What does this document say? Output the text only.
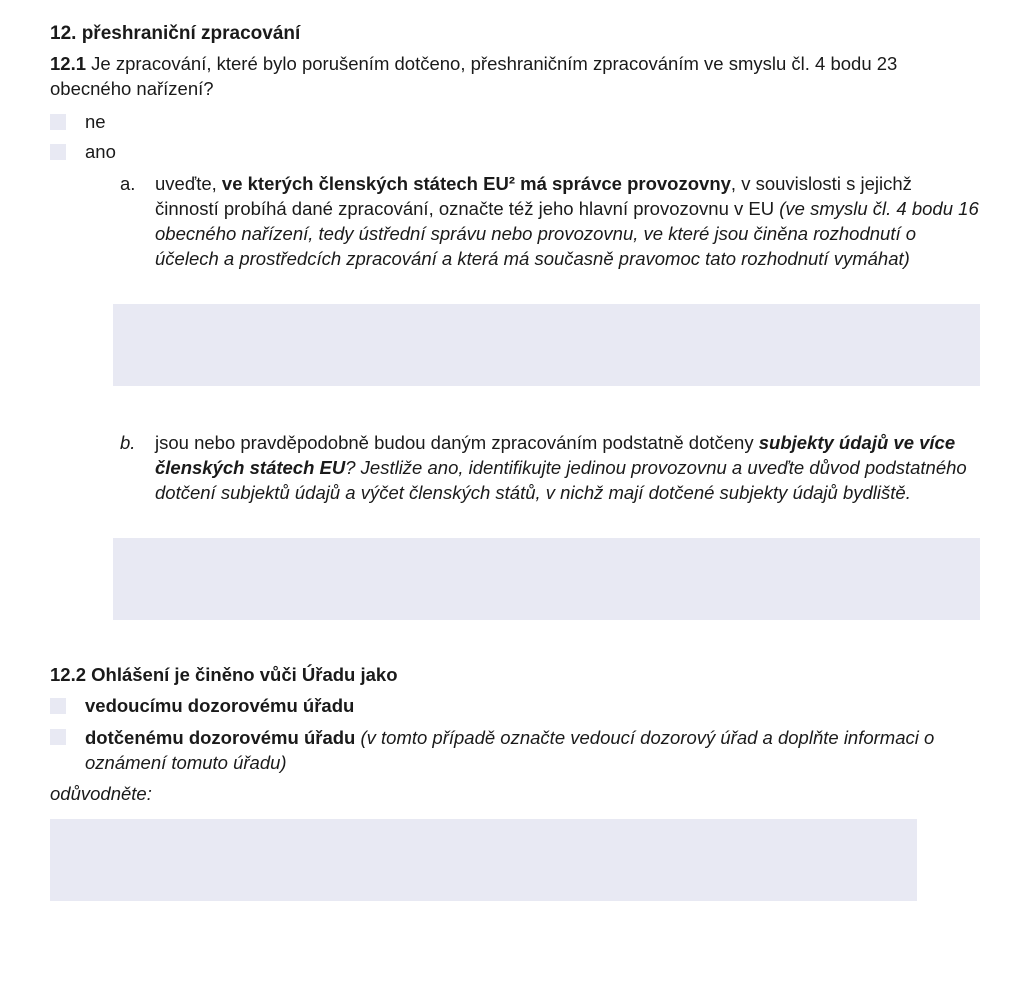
12. přeshraniční zpracování
12.1 Je zpracování, které bylo porušením dotčeno, přeshraničním zpracováním ve smyslu čl. 4 bodu 23 obecného nařízení?
ne
ano
a.	uveďte, ve kterých členských státech EU² má správce provozovny, v souvislosti s jejichž činností probíhá dané zpracování, označte též jeho hlavní provozovnu v EU (ve smyslu čl. 4 bodu 16 obecného nařízení, tedy ústřední správu nebo provozovnu, ve které jsou činěna rozhodnutí o účelech a prostředcích zpracování a která má současně pravomoc tato rozhodnutí vymáhat)
b.	jsou nebo pravděpodobně budou daným zpracováním podstatně dotčeny subjekty údajů ve více členských státech EU? Jestliže ano, identifikujte jedinou provozovnu a uveďte důvod podstatného dotčení subjektů údajů a výčet členských států, v nichž mají dotčené subjekty údajů bydliště.
12.2 Ohlášení je činěno vůči Úřadu jako
vedoucímu dozorovému úřadu
dotčenému dozorovému úřadu (v tomto případě označte vedoucí dozorový úřad a doplňte informaci o oznámení tomuto úřadu)
odůvodněte:
